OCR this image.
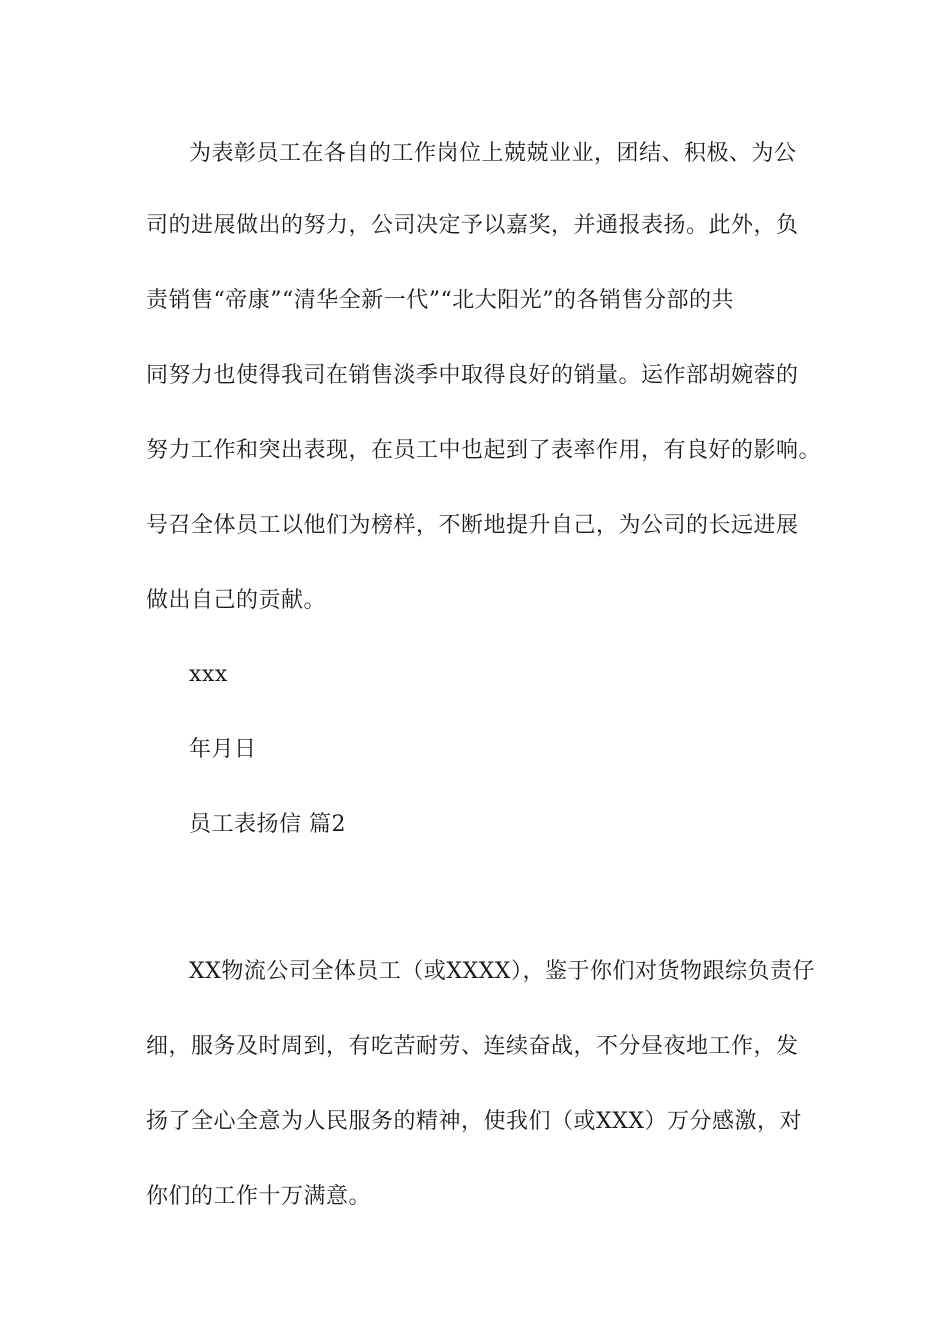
为表彰员工在各自的工作岗位上兢兢业业，团结、积极、为公
司的进展做出的努力，公司决定予以嘉奖，并通报表扬。此外，负
责销售“帝康”“清华全新一代”“北大阳光”的各销售分部的共
同努力也使得我司在销售淡季中取得良好的销量。运作部胡婉蓉的
努力工作和突出表现，在员工中也起到了表率作用，有良好的影响。
号召全体员工以他们为榜样，不断地提升自己，为公司的长远进展
做出自己的贡献。
xxx
年月日
员工表扬信 篇2
XX物流公司全体员工（或XXXX），鉴于你们对货物跟综负责仔
细，服务及时周到，有吃苦耐劳、连续奋战，不分昼夜地工作，发
扬了全心全意为人民服务的精神，使我们（或XXX）万分感激，对
你们的工作十万满意。
